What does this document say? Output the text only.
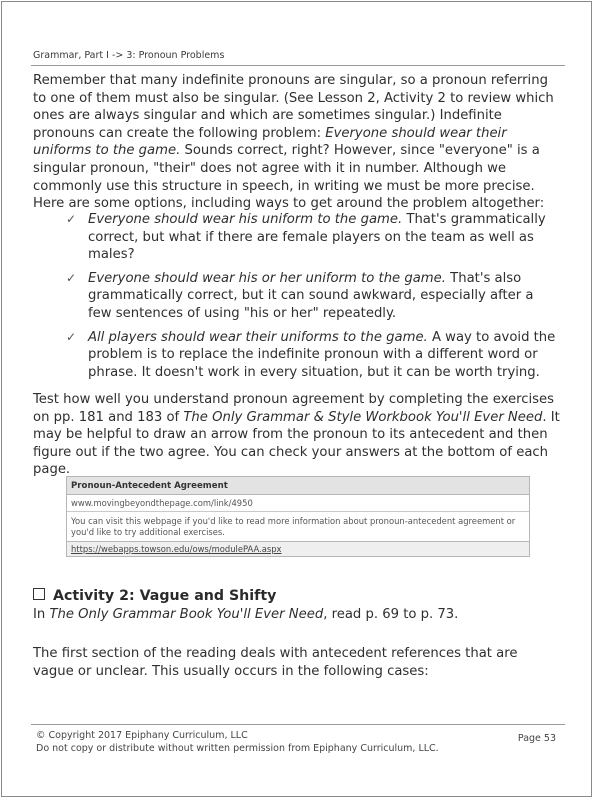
Grammar, Part I -> 3: Pronoun Problems
Remember that many indefinite pronouns are singular, so a pronoun referring to one of them must also be singular. (See Lesson 2, Activity 2 to review which ones are always singular and which are sometimes singular.) Indefinite pronouns can create the following problem: Everyone should wear their uniforms to the game. Sounds correct, right? However, since "everyone" is a singular pronoun, "their" does not agree with it in number. Although we commonly use this structure in speech, in writing we must be more precise. Here are some options, including ways to get around the problem altogether:
✓ Everyone should wear his uniform to the game. That's grammatically correct, but what if there are female players on the team as well as males?
✓ Everyone should wear his or her uniform to the game. That's also grammatically correct, but it can sound awkward, especially after a few sentences of using "his or her" repeatedly.
✓ All players should wear their uniforms to the game. A way to avoid the problem is to replace the indefinite pronoun with a different word or phrase. It doesn't work in every situation, but it can be worth trying.
Test how well you understand pronoun agreement by completing the exercises on pp. 181 and 183 of The Only Grammar & Style Workbook You'll Ever Need. It may be helpful to draw an arrow from the pronoun to its antecedent and then figure out if the two agree. You can check your answers at the bottom of each page.
Pronoun-Antecedent Agreement
www.movingbeyondthepage.com/link/4950
You can visit this webpage if you'd like to read more information about pronoun-antecedent agreement or you'd like to try additional exercises.
https://webapps.towson.edu/ows/modulePAA.aspx
Activity 2: Vague and Shifty
In The Only Grammar Book You'll Ever Need, read p. 69 to p. 73.
The first section of the reading deals with antecedent references that are vague or unclear. This usually occurs in the following cases:
© Copyright 2017 Epiphany Curriculum, LLC
Do not copy or distribute without written permission from Epiphany Curriculum, LLC.
Page 53
